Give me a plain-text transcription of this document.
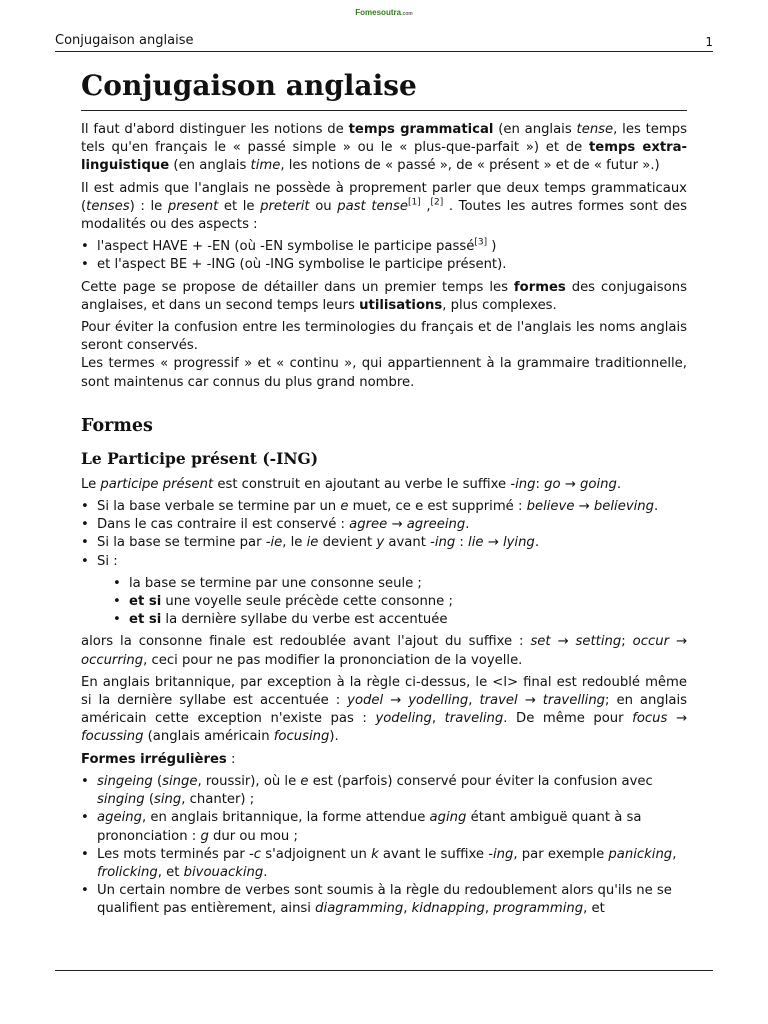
Fomesoutra.com
Conjugaison anglaise	1
Conjugaison anglaise

Il faut d'abord distinguer les notions de temps grammatical (en anglais tense, les temps tels qu'en français le « passé simple » ou le « plus-que-parfait ») et de temps extra-linguistique (en anglais time, les notions de « passé », de « présent » et de « futur ».)

Il est admis que l'anglais ne possède à proprement parler que deux temps grammaticaux (tenses) : le present et le preterit ou past tense[1] ,[2] . Toutes les autres formes sont des modalités ou des aspects :

• l'aspect HAVE + -EN (où -EN symbolise le participe passé[3] )
• et l'aspect BE + -ING (où -ING symbolise le participe présent).

Cette page se propose de détailler dans un premier temps les formes des conjugaisons anglaises, et dans un second temps leurs utilisations, plus complexes.

Pour éviter la confusion entre les terminologies du français et de l'anglais les noms anglais seront conservés.

Les termes « progressif » et « continu », qui appartiennent à la grammaire traditionnelle, sont maintenus car connus du plus grand nombre.

Formes
Le Participe présent (-ING)

Le participe présent est construit en ajoutant au verbe le suffixe -ing: go → going.

• Si la base verbale se termine par un e muet, ce e est supprimé : believe → believing.
• Dans le cas contraire il est conservé : agree → agreeing.
• Si la base se termine par -ie, le ie devient y avant -ing : lie → lying.
• Si :
• la base se termine par une consonne seule ;
• et si une voyelle seule précède cette consonne ;
• et si la dernière syllabe du verbe est accentuée

alors la consonne finale est redoublée avant l'ajout du suffixe : set → setting; occur → occurring, ceci pour ne pas modifier la prononciation de la voyelle.

En anglais britannique, par exception à la règle ci-dessus, le <l> final est redoublé même si la dernière syllabe est accentuée : yodel → yodelling, travel → travelling; en anglais américain cette exception n'existe pas : yodeling, traveling. De même pour focus → focussing (anglais américain focusing).

Formes irrégulières :

• singeing (singe, roussir), où le e est (parfois) conservé pour éviter la confusion avec singing (sing, chanter) ;
• ageing, en anglais britannique, la forme attendue aging étant ambiguë quant à sa prononciation : g dur ou mou ;
• Les mots terminés par -c s'adjoignent un k avant le suffixe -ing, par exemple panicking, frolicking, et bivouacking.
• Un certain nombre de verbes sont soumis à la règle du redoublement alors qu'ils ne se qualifient pas entièrement, ainsi diagramming, kidnapping, programming, et
